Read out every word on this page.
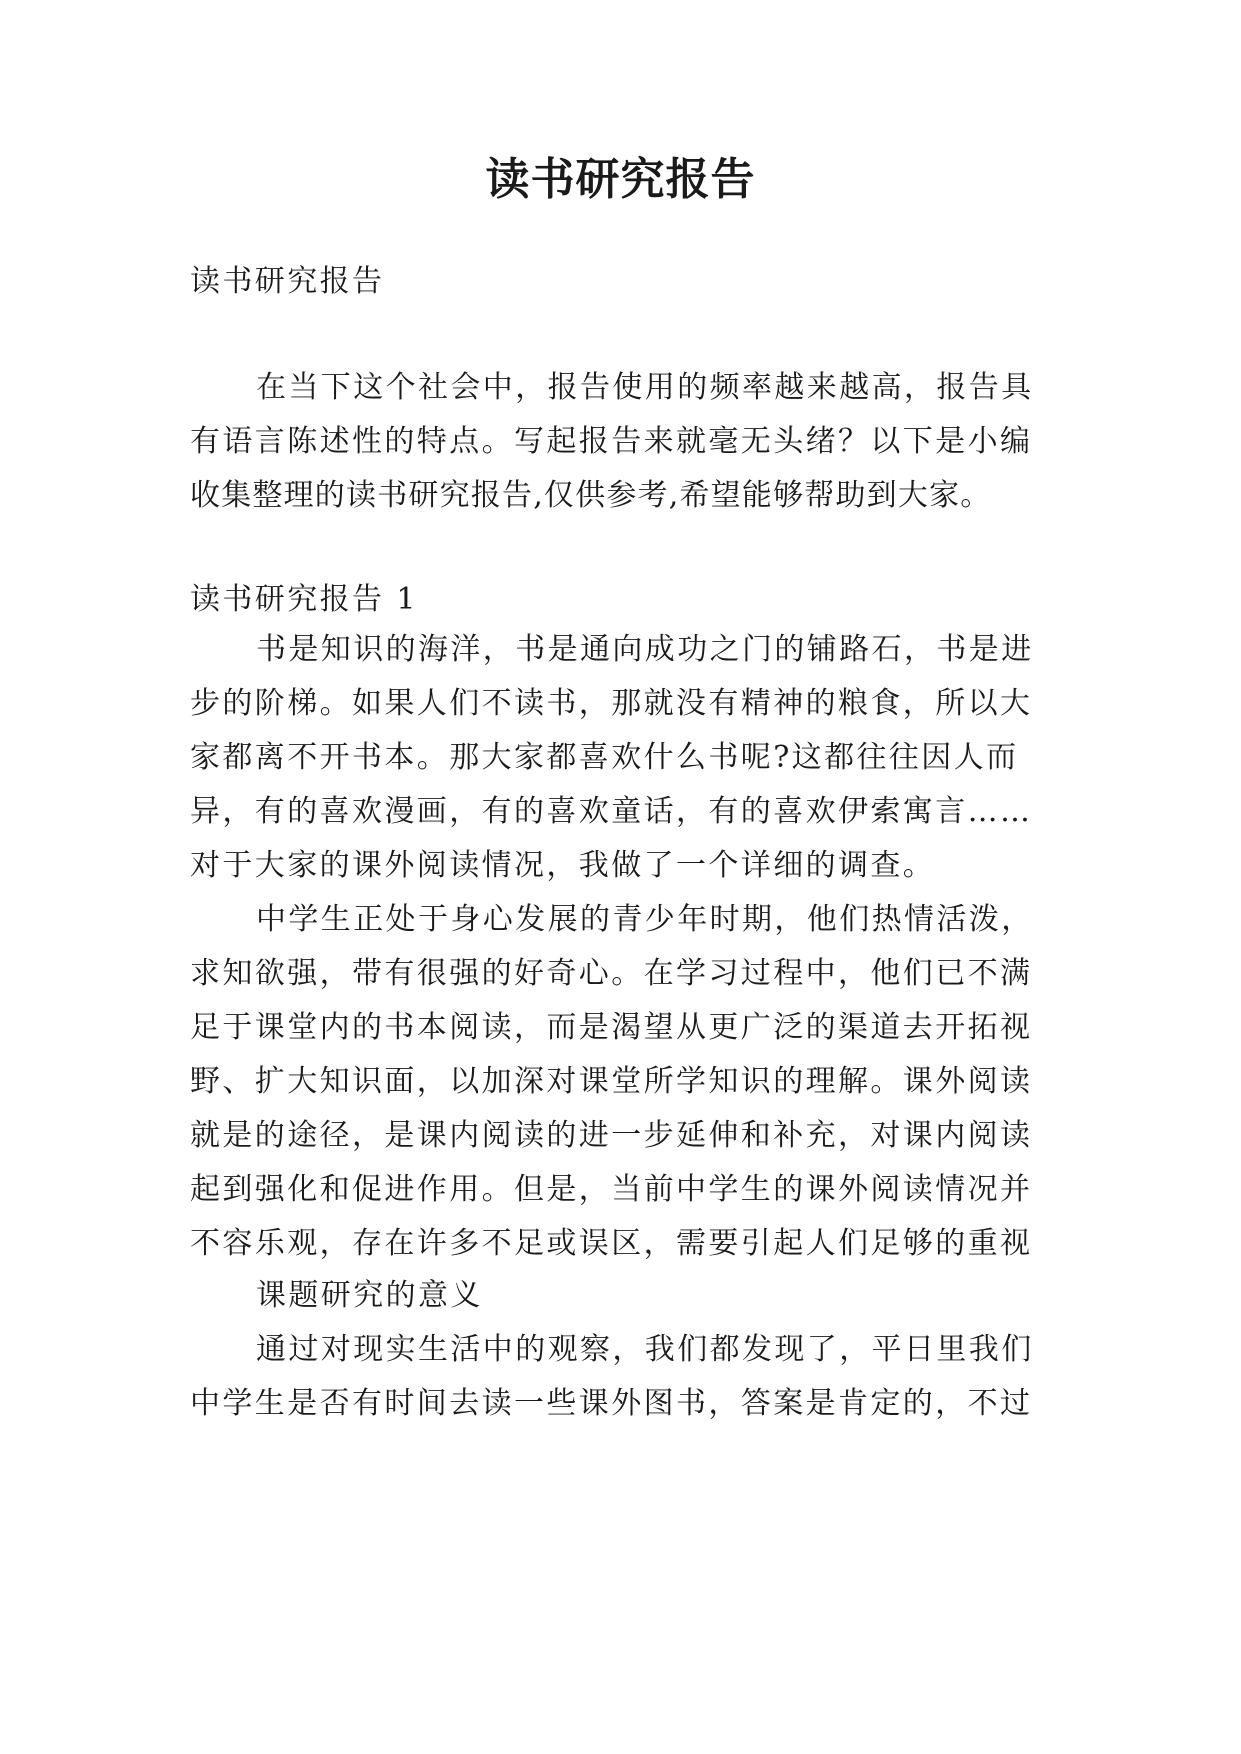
读书研究报告
读书研究报告
在当下这个社会中，报告使用的频率越来越高，报告具
有语言陈述性的特点。写起报告来就毫无头绪？以下是小编
收集整理的读书研究报告,仅供参考,希望能够帮助到大家。
读书研究报告 1
书是知识的海洋，书是通向成功之门的铺路石，书是进
步的阶梯。如果人们不读书，那就没有精神的粮食，所以大
家都离不开书本。那大家都喜欢什么书呢?这都往往因人而
异，有的喜欢漫画，有的喜欢童话，有的喜欢伊索寓言……
对于大家的课外阅读情况，我做了一个详细的调查。
中学生正处于身心发展的青少年时期，他们热情活泼，
求知欲强，带有很强的好奇心。在学习过程中，他们已不满
足于课堂内的书本阅读，而是渴望从更广泛的渠道去开拓视
野、扩大知识面，以加深对课堂所学知识的理解。课外阅读
就是的途径，是课内阅读的进一步延伸和补充，对课内阅读
起到强化和促进作用。但是，当前中学生的课外阅读情况并
不容乐观，存在许多不足或误区，需要引起人们足够的重视
课题研究的意义
通过对现实生活中的观察，我们都发现了，平日里我们
中学生是否有时间去读一些课外图书，答案是肯定的，不过
